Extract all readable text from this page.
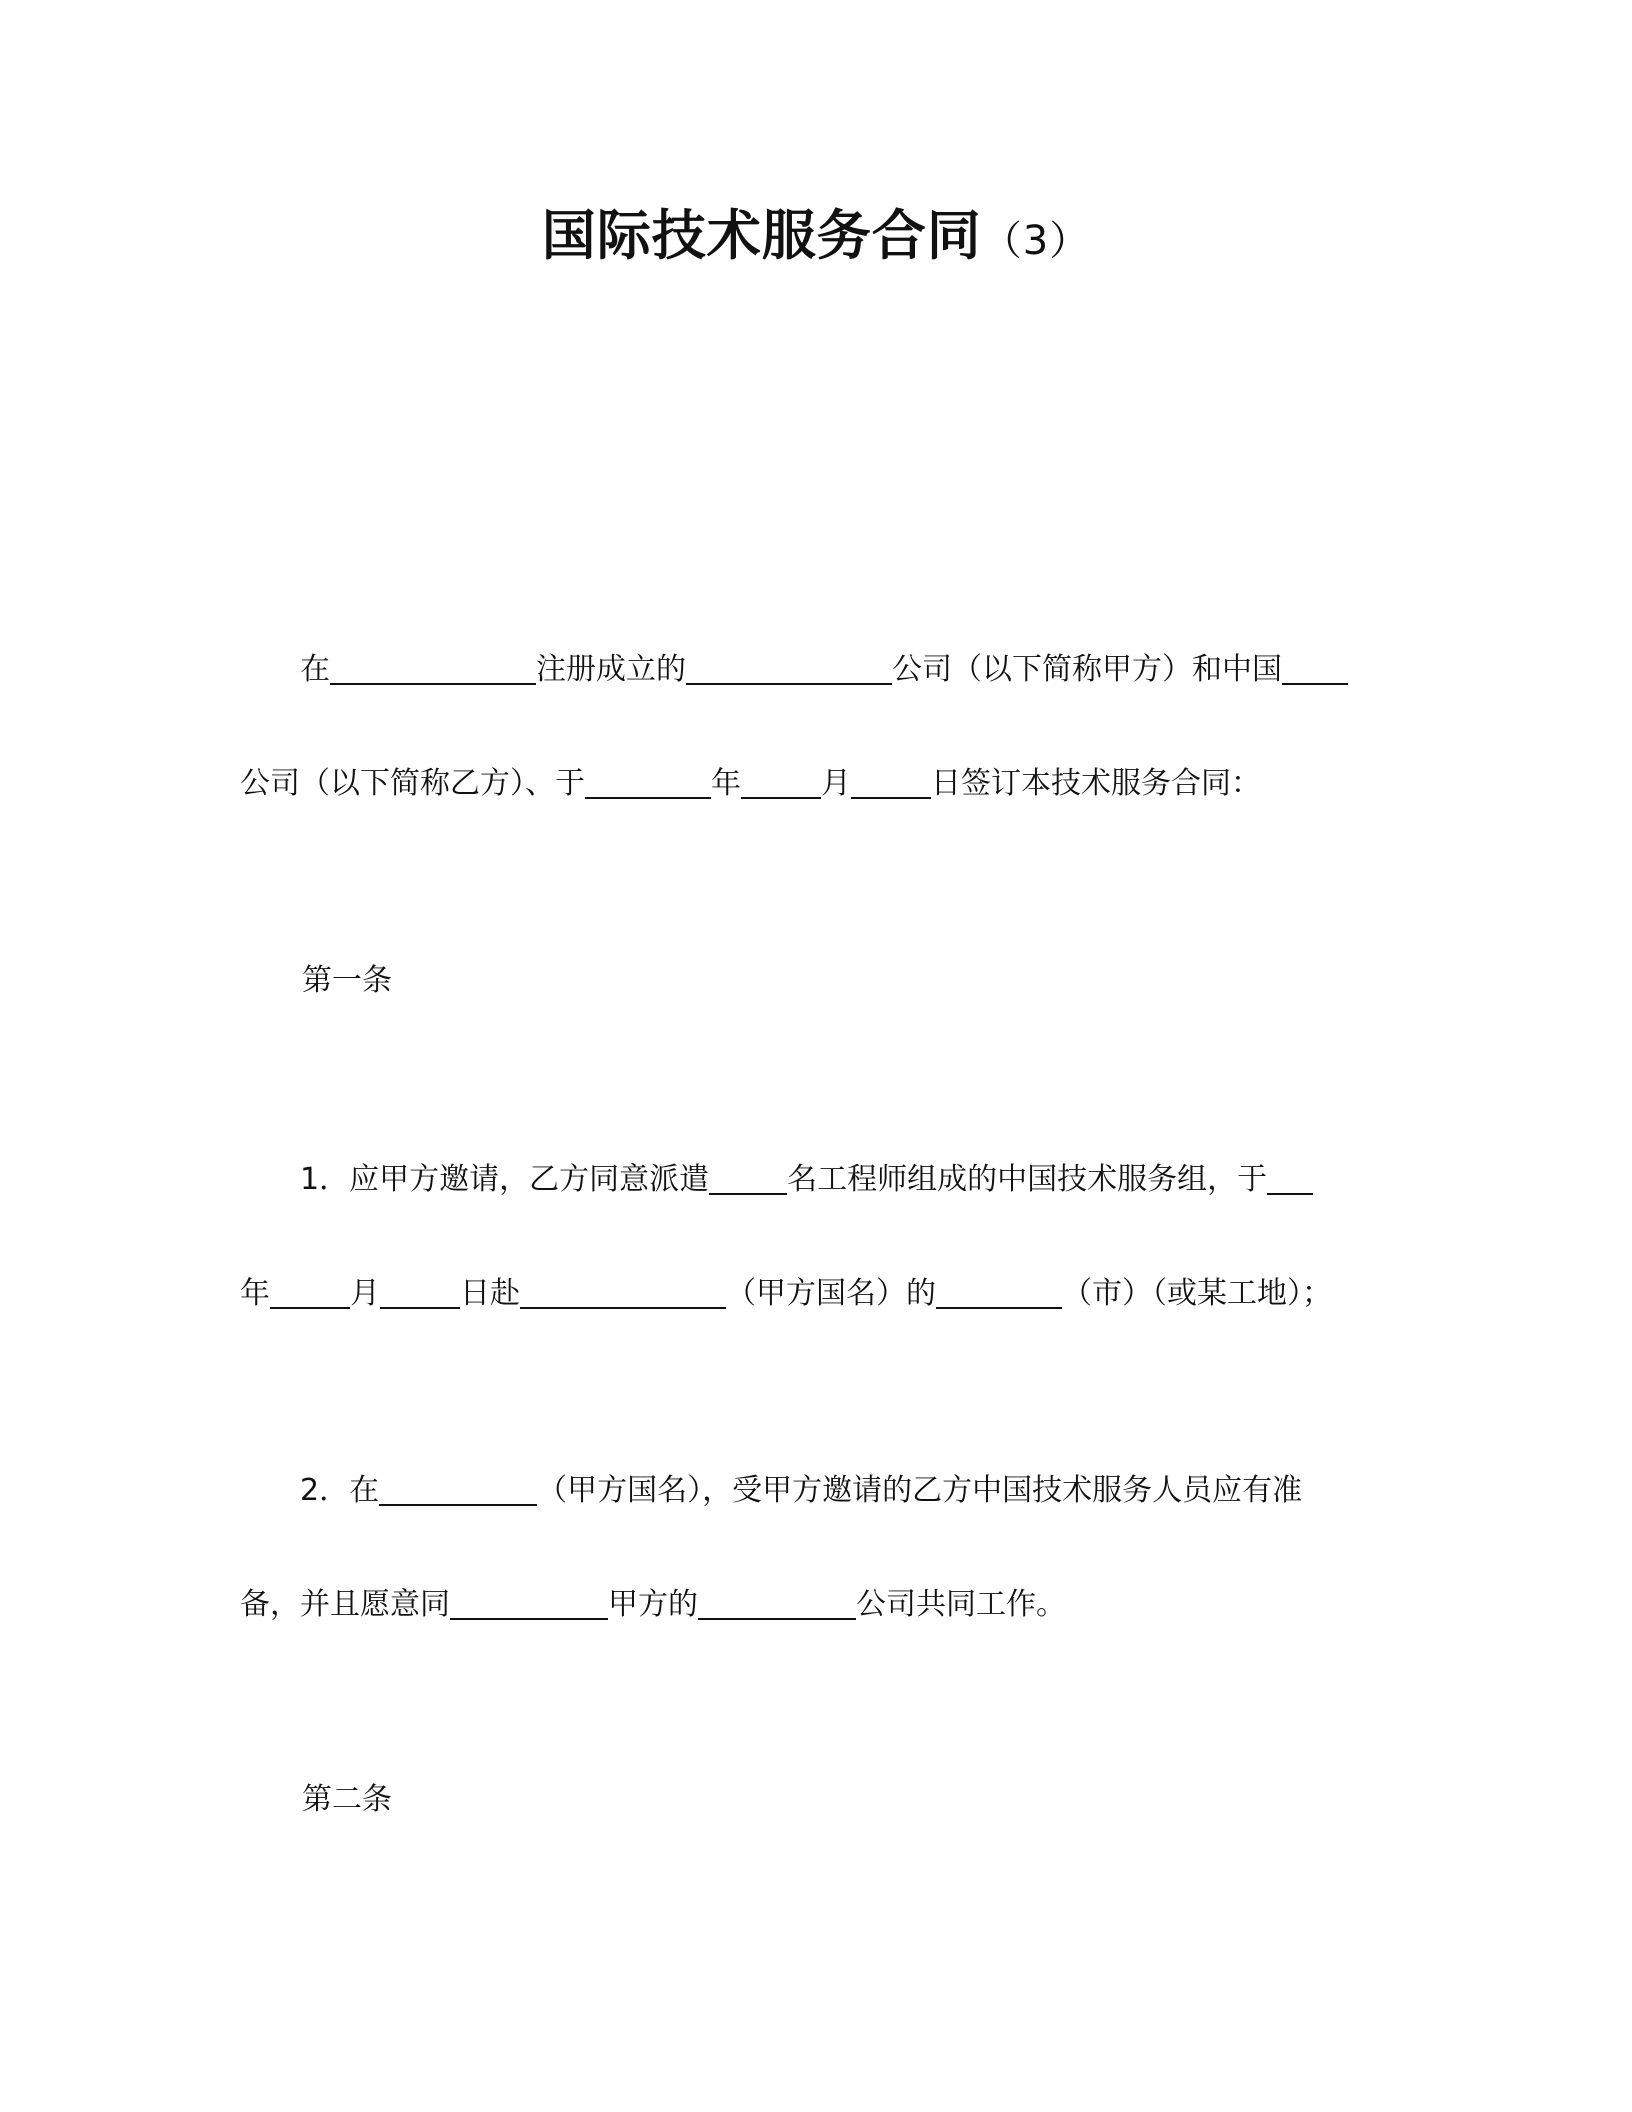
国际技术服务合同（3）
在	注册成立的	公司（以下简称甲方）和中国
公司（以下简称乙方）、于	年	月	日签订本技术服务合同：
第一条
1．应甲方邀请，乙方同意派遣	名工程师组成的中国技术服务组，于
年	月	日赴	（甲方国名）的	（市）（或某工地）；
2．在	（甲方国名），受甲方邀请的乙方中国技术服务人员应有准
备，并且愿意同	甲方的	公司共同工作。
第二条
